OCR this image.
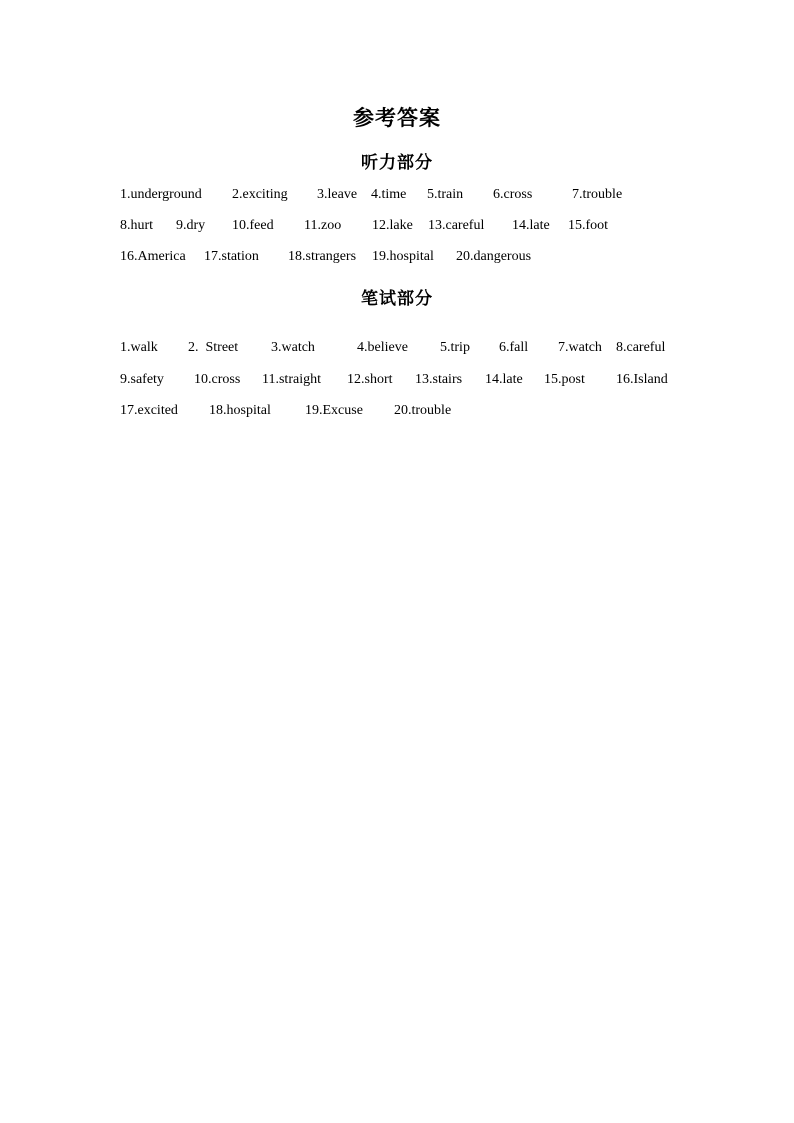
参考答案
听力部分
1.underground 2.exciting 3.leave 4.time 5.train 6.cross	7.trouble
8.hurt 9.dry 10.feed 11.zoo 12.lake 13.careful 14.late 15.foot
16.America 17.station 18.strangers 19.hospital 20.dangerous
笔试部分
1.walk 2.  Street 3.watch	4.believe 5.trip 6.fall 7.watch 8.careful
9.safety 10.cross 11.straight 12.short 13.stairs 14.late 15.post 16.Island
17.excited 18.hospital 19.Excuse 20.trouble
